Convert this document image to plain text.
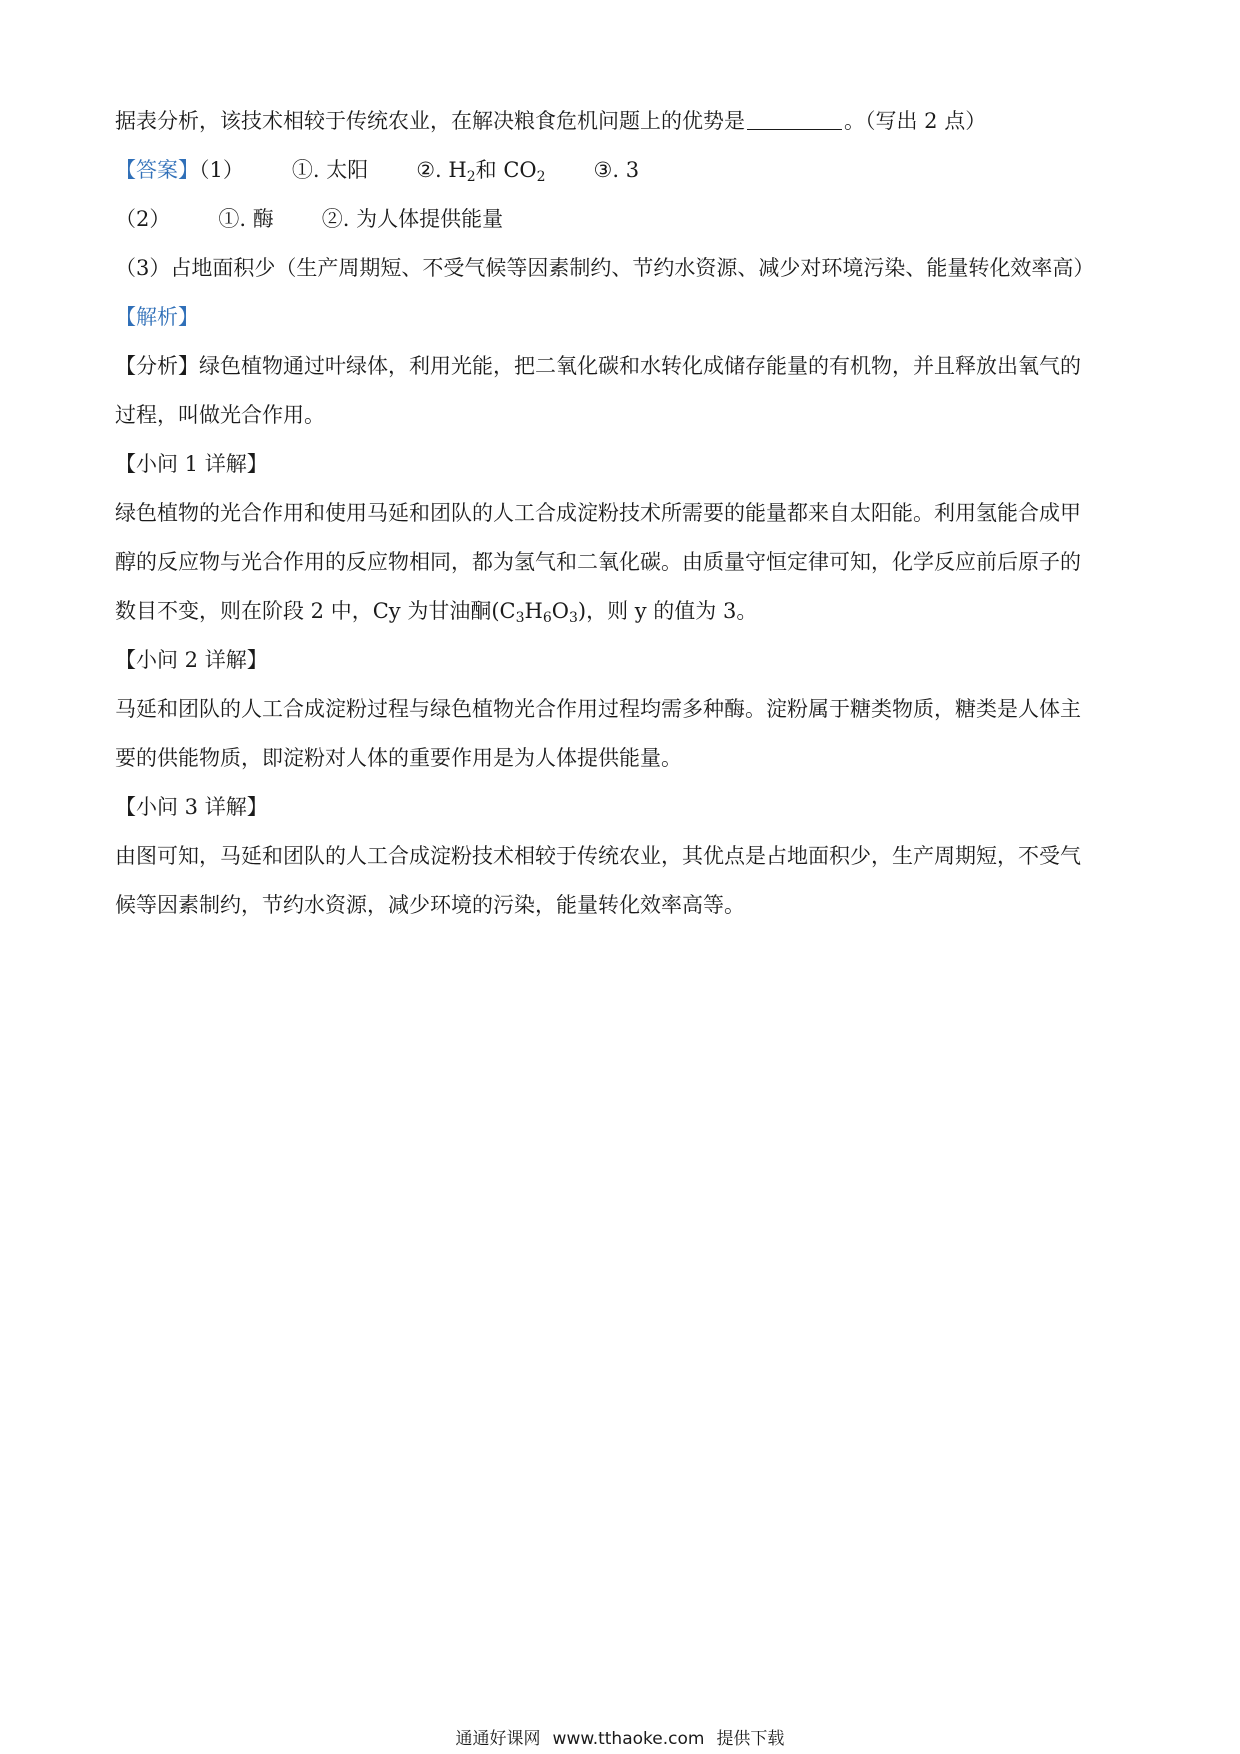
据表分析，该技术相较于传统农业，在解决粮食危机问题上的优势是	。（写出 2 点）
【答案】（1） ①. 太阳 ②. $H_2$和 $CO_2$ ③. 3
（2） ①. 酶 ②. 为人体提供能量
（3）占地面积少（生产周期短、不受气候等因素制约、节约水资源、减少对环境污染、能量转化效率高）
【解析】
【分析】绿色植物通过叶绿体，利用光能，把二氧化碳和水转化成储存能量的有机物，并且释放出氧气的
过程，叫做光合作用。
【小问 1 详解】
绿色植物的光合作用和使用马延和团队的人工合成淀粉技术所需要的能量都来自太阳能。利用氢能合成甲
醇的反应物与光合作用的反应物相同，都为氢气和二氧化碳。由质量守恒定律可知，化学反应前后原子的
数目不变，则在阶段 2 中，Cy 为甘油酮$(C_3H_6O_3)$，则 y 的值为 3。
【小问 2 详解】
马延和团队的人工合成淀粉过程与绿色植物光合作用过程均需多种酶。淀粉属于糖类物质，糖类是人体主
要的供能物质，即淀粉对人体的重要作用是为人体提供能量。
【小问 3 详解】
由图可知，马延和团队的人工合成淀粉技术相较于传统农业，其优点是占地面积少，生产周期短，不受气
候等因素制约，节约水资源，减少环境的污染，能量转化效率高等。
通通好课网 www.tthaoke.com 提供下载
